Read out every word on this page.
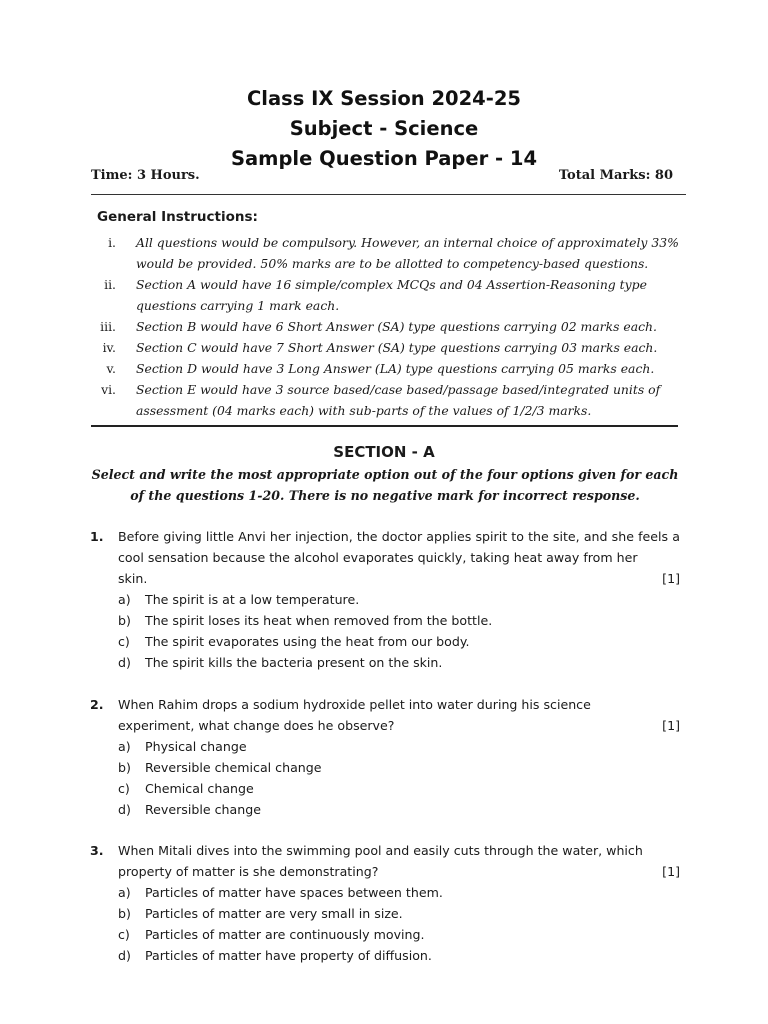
Class IX Session 2024-25
Subject - Science
Sample Question Paper - 14
Time: 3 Hours.	Total Marks: 80
General Instructions:
i. All questions would be compulsory. However, an internal choice of approximately 33% would be provided. 50% marks are to be allotted to competency-based questions.
ii. Section A would have 16 simple/complex MCQs and 04 Assertion-Reasoning type questions carrying 1 mark each.
iii. Section B would have 6 Short Answer (SA) type questions carrying 02 marks each.
iv. Section C would have 7 Short Answer (SA) type questions carrying 03 marks each.
v. Section D would have 3 Long Answer (LA) type questions carrying 05 marks each.
vi. Section E would have 3 source based/case based/passage based/integrated units of assessment (04 marks each) with sub-parts of the values of 1/2/3 marks.
SECTION - A
Select and write the most appropriate option out of the four options given for each of the questions 1-20. There is no negative mark for incorrect response.
1. Before giving little Anvi her injection, the doctor applies spirit to the site, and she feels a cool sensation because the alcohol evaporates quickly, taking heat away from her
skin.	[1]
a)	The spirit is at a low temperature.
b)	The spirit loses its heat when removed from the bottle.
c)	The spirit evaporates using the heat from our body.
d)	The spirit kills the bacteria present on the skin.
2. When Rahim drops a sodium hydroxide pellet into water during his science
experiment, what change does he observe?	[1]
a)	Physical change
b)	Reversible chemical change
c)	Chemical change
d)	Reversible change
3. When Mitali dives into the swimming pool and easily cuts through the water, which
property of matter is she demonstrating?	[1]
a)	Particles of matter have spaces between them.
b)	Particles of matter are very small in size.
c)	Particles of matter are continuously moving.
d)	Particles of matter have property of diffusion.
